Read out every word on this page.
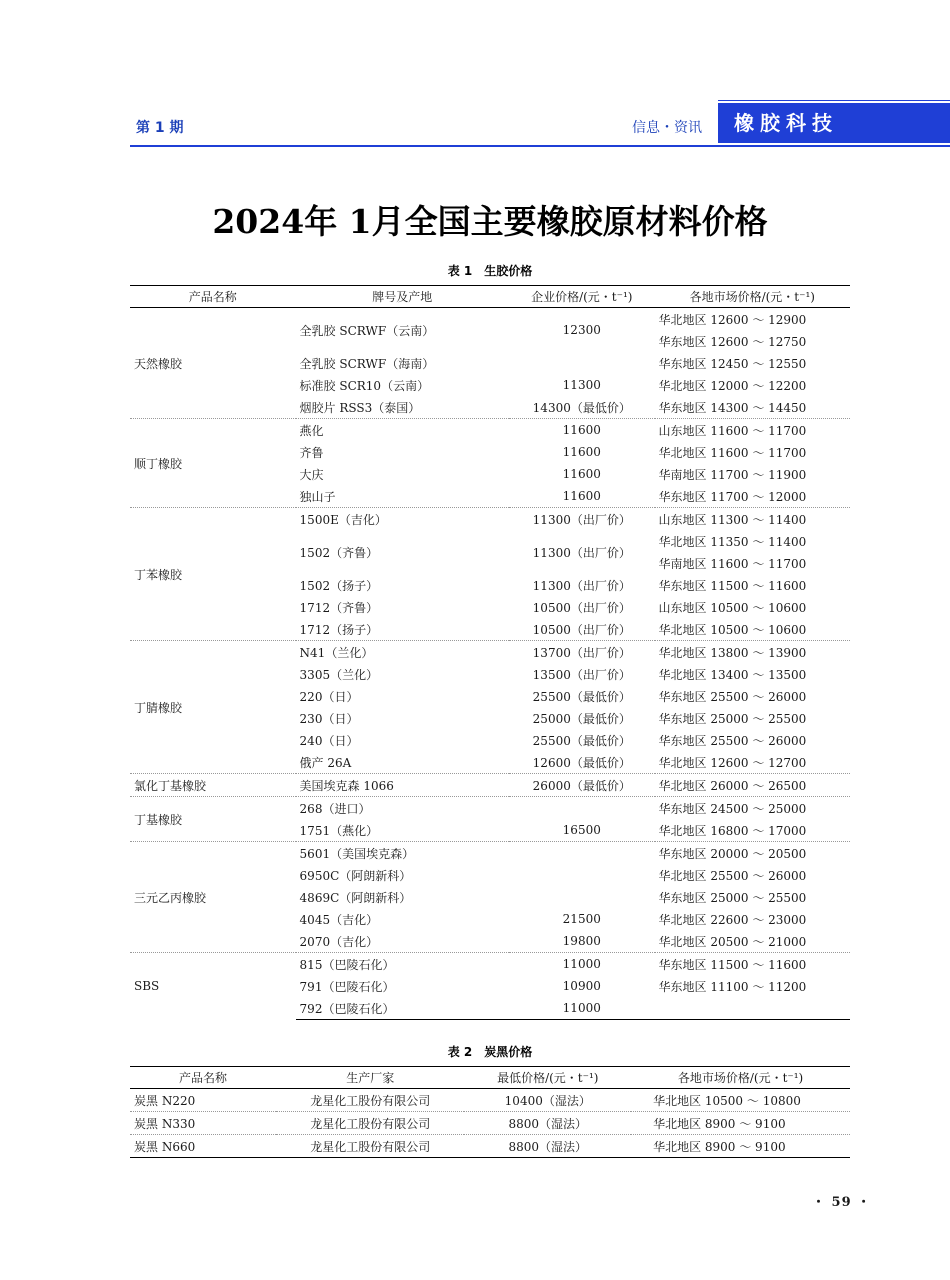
第 1 期	信息・资讯	橡胶科技
2024年 1月全国主要橡胶原材料价格
表 1　生胶价格
产品名称	牌号及产地	企业价格/(元・t⁻¹)	各地市场价格/(元・t⁻¹)
天然橡胶	全乳胶 SCRWF（云南）	12300	华北地区 12600 ～ 12900
			华东地区 12600 ～ 12750
	全乳胶 SCRWF（海南）		华东地区 12450 ～ 12550
	标准胶 SCR10（云南）	11300	华北地区 12000 ～ 12200
	烟胶片 RSS3（泰国）	14300（最低价）	华东地区 14300 ～ 14450
顺丁橡胶	燕化	11600	山东地区 11600 ～ 11700
	齐鲁	11600	华北地区 11600 ～ 11700
	大庆	11600	华南地区 11700 ～ 11900
	独山子	11600	华东地区 11700 ～ 12000
丁苯橡胶	1500E（吉化）	11300（出厂价）	山东地区 11300 ～ 11400
	1502（齐鲁）	11300（出厂价）	华北地区 11350 ～ 11400
			华南地区 11600 ～ 11700
	1502（扬子）	11300（出厂价）	华东地区 11500 ～ 11600
	1712（齐鲁）	10500（出厂价）	山东地区 10500 ～ 10600
	1712（扬子）	10500（出厂价）	华北地区 10500 ～ 10600
丁腈橡胶	N41（兰化）	13700（出厂价）	华北地区 13800 ～ 13900
	3305（兰化）	13500（出厂价）	华北地区 13400 ～ 13500
	220（日）	25500（最低价）	华东地区 25500 ～ 26000
	230（日）	25000（最低价）	华东地区 25000 ～ 25500
	240（日）	25500（最低价）	华东地区 25500 ～ 26000
	俄产 26A	12600（最低价）	华北地区 12600 ～ 12700
氯化丁基橡胶	美国埃克森 1066	26000（最低价）	华北地区 26000 ～ 26500
丁基橡胶	268（进口）		华东地区 24500 ～ 25000
	1751（燕化）	16500	华北地区 16800 ～ 17000
三元乙丙橡胶	5601（美国埃克森）		华东地区 20000 ～ 20500
	6950C（阿朗新科）		华北地区 25500 ～ 26000
	4869C（阿朗新科）		华东地区 25000 ～ 25500
	4045（吉化）	21500	华北地区 22600 ～ 23000
	2070（吉化）	19800	华北地区 20500 ～ 21000
SBS	815（巴陵石化）	11000	华东地区 11500 ～ 11600
	791（巴陵石化）	10900	华东地区 11100 ～ 11200
	792（巴陵石化）	11000	
表 2　炭黑价格
产品名称	生产厂家	最低价格/(元・t⁻¹)	各地市场价格/(元・t⁻¹)
炭黑 N220	龙星化工股份有限公司	10400（湿法）	华北地区 10500 ～ 10800
炭黑 N330	龙星化工股份有限公司	8800（湿法）	华北地区 8900 ～ 9100
炭黑 N660	龙星化工股份有限公司	8800（湿法）	华北地区 8900 ～ 9100
・ 59 ・
